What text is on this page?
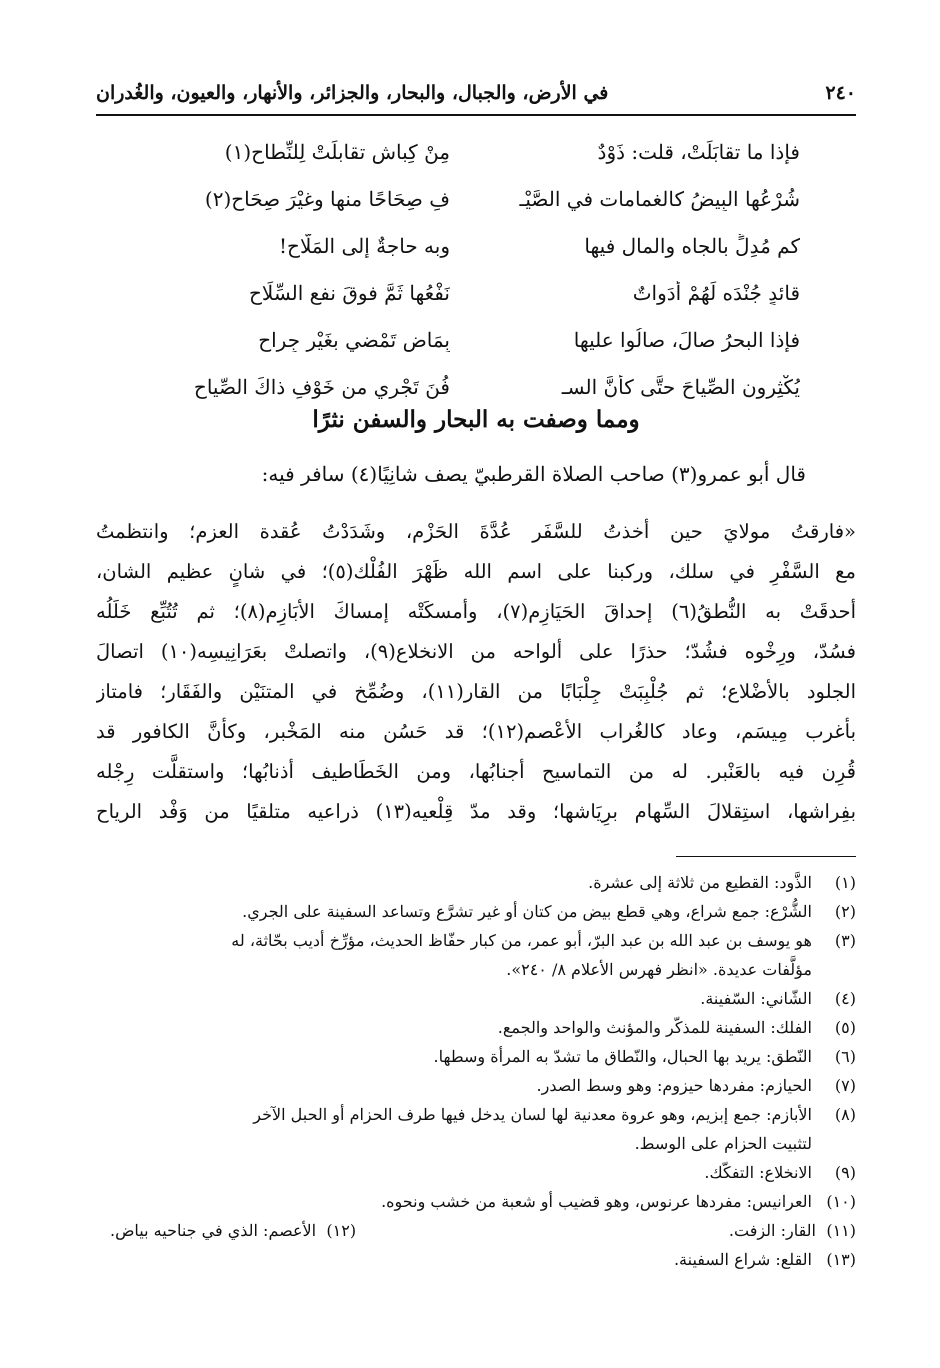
٢٤٠
في الأرض، والجبال، والبحار، والجزائر، والأنهار، والعيون، والغُدران
فإذا ما تقابَلَتْ، قلت: ذَوْدٌ
مِنْ كِباشٍ تقابلَتْ لِلنِّطاحِ(١)
شُرْعُها البِيضُ كالغمامات في الصَّيْـ
فِ صِحَاحًا منها وغيْرَ صِحَاحِ(٢)
كم مُدِلٍّ بالجاه والمالِ فيها
وبه حاجةٌ إلى المَلَّاحِ!
قائدٍ جُنْدَه لَهُمْ أدَواتٌ
نَفْعُها ثَمَّ فوقَ نفعِ السِّلَاحِ
فإذا البحرُ صالَ، صالُوا عليها
بِمَاضٍ تَمْضي بغَيْرِ جِراحِ
يُكْثِرون الصِّياحَ حتَّى كأنَّ السـ
فُنَ تَجْري من خَوْفِ ذاكَ الصِّياحِ
ومما وصفت به البحار والسفن نثرًا
قال أبو عمرو(٣) صاحب الصلاة القرطبيّ يصف شانِيًا(٤) سافر فيه:
«فارقتُ مولايَ حين أخذتُ للسَّفَر عُدَّةَ الحَزْم، وشَدَدْتُ عُقدة العزم؛ وانتظمتُ
مع السَّفْرِ في سلك، وركبنا على اسم الله ظَهْرَ الفُلْك(٥)؛ في شانٍ عظيم الشان،
أحدقَتْ به النُّطقُ(٦) إحداقَ الحَيَازِم(٧)، وأمسكَتْه إمساكَ الأبَازِم(٨)؛ ثم تُتُبِّع خَلَلُه
فسُدّ، ورِخْوه فشُدّ؛ حذرًا على ألواحه من الانخلاع(٩)، واتصلتْ بعَرَانِيسِه(١٠) اتصالَ
الجلود بالأضْلاع؛ ثم جُلْبِبَتْ جِلْبَابًا من القار(١١)، وضُمِّخ في المتنَيْن والفَقَار؛ فامتاز
بأغرب مِيسَم، وعاد كالغُراب الأعْصم(١٢)؛ قد حَسُن منه المَخْبر، وكأنَّ الكافور قد
قُرِن فيه بالعَنْبر. له من التماسيح أجنابُها، ومن الخَطَاطيف أذنابُها؛ واستقلَّت رِجْله
بفِراشها، استِقلالَ السِّهام برِيَاشها؛ وقد مدّ قِلْعيه(١٣) ذراعيه متلقيًا من وَفْد الرياح
(١)
الذَّود: القطيع من ثلاثة إلى عشرة.
(٢)
الشُّرْع: جمع شراع، وهي قطع بيض من كتان أو غير تشرَّع وتساعد السفينة على الجري.
(٣)
هو يوسف بن عبد الله بن عبد البرّ، أبو عمر، من كبار حفّاظ الحديث، مؤرِّخ أديب بحّاثة، له
مؤلَّفات عديدة. «انظر فهرس الأعلام ٨/ ٢٤٠».
(٤)
الشّاني: السّفينة.
(٥)
الفلك: السفينة للمذكّر والمؤنث والواحد والجمع.
(٦)
النّطق: يريد بها الحبال، والنّطاق ما تشدّ به المرأة وسطها.
(٧)
الحيازم: مفردها حيزوم: وهو وسط الصدر.
(٨)
الأبازم: جمع إبزيم، وهو عروة معدنية لها لسان يدخل فيها طرف الحزام أو الحبل الآخر
لتثبيت الحزام على الوسط.
(٩)
الانخلاع: التفكّك.
(١٠)
العرانيس: مفردها عرنوس، وهو قضيب أو شعبة من خشب ونحوه.
(١١)
القار: الزفت.
(١٢)
الأعصم: الذي في جناحيه بياض.
(١٣)
القلع: شراع السفينة.
